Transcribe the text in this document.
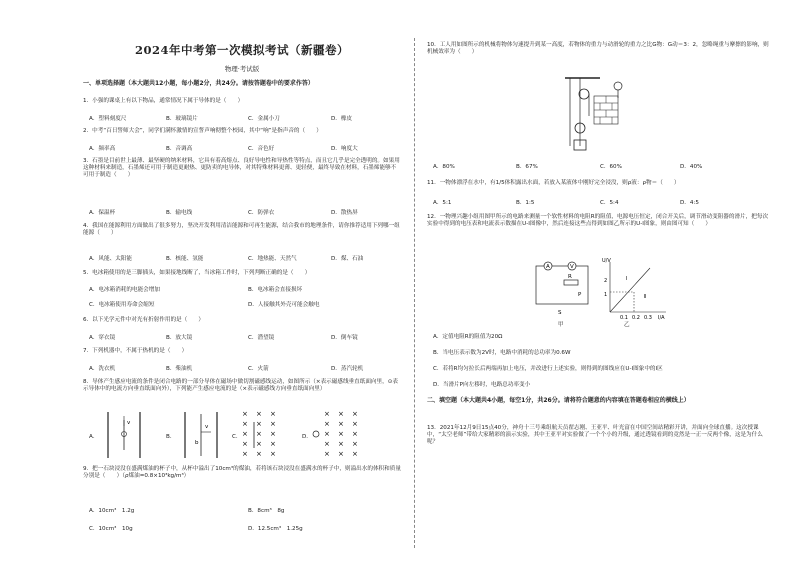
2024年中考第一次模拟考试（新疆卷）
物理·考试版
一、单项选择题（本大题共12小题，每小题2分，共24分。请按答题卷中的要求作答）
1．小强的课桌上有以下物品，通常情况下属于导体的是（　　）
A．塑料刻度尺	B．玻璃镜片	C．金属小刀	D．橡皮
2．中考“百日誓师大会”，同学们满怀激情的宣誓声响彻整个校园，其中“响”是指声音的（　　）
A．频率高	B．音调高	C．音色好	D．响度大
3．石墨是目前世上最薄、最坚硬的纳米材料，它具有着高熔点、良好导电性和导热性等特点，而且它几乎是完全透明的。如果用这种材料来制造，石墨烯还可用于制造更耐热、更防卖的电导体，对其特殊材料更薄、更轻便，最终导致在材料，石墨烯能够不可用于制造（　　）
A．保温杯	B．输电线	C．防弹衣	D．散热屏
4．我国在能源利用方面做出了很多努力，坚决开发利用清洁能源和可再生能源，结合我市的地理条件，请你推荐适用下列哪一组能源（　　）
A．风能、太阳能	B．核能、氢能	C．地热能、天然气	D．煤、石油
5．电冰箱使用的是三脚插头，如果接地线断了，当冰箱工作时，下列判断正确的是（　　）
A．电冰箱消耗的电能会增加	B．电冰箱会直接损坏
C．电冰箱使用寿命会缩短	D．人接触其外壳可能会触电
6．以下光学元件中对光有折射作用的是（　　）
A．穿衣镜	B．放大镜	C．潜望镜	D．倒车镜
7．下列机器中，不属于热机的是（　　）
A．洗衣机	B．柴油机	C．火箭	D．蒸汽轮机
8．导体产生感应电流的条件是闭合电路的一部分导体在磁场中做切割磁感线运动，如图所示（×表示磁感线垂直纸面向里，⊙表示导体中的电流方向垂直纸面向外），下列能产生感应电流的是（×表示磁感线方向垂直纸面向里）
A．
v
B．
v
b
C．
× × ×
× × ×
× × ×
× × ×
× × ×
D．
× × ×
× × ×
× × ×
× × ×
× × ×
9．把一石块浸没在盛满煤油的杯子中，从杯中溢出了10cm³的煤油，若将该石块浸没在盛满水的杯子中，则溢出水的体积和质量分别是（　　）（ρ煤油=0.8×10³kg/m³）
A．10cm³　1.2g	B．8cm³　8g
C．10cm³　10g	D．12.5cm³　1.25g
10．工人用如图所示的机械将物体匀速提升到某一高度，若物体的重力与动滑轮的重力之比G物：G动＝3：2，忽略绳重与摩擦的影响，则机械效率为（　　）
A．80%	B．67%	C．60%	D．40%
11．一物体漂浮在水中，有1/5体积露出水面，若放入某液体中刚好完全浸没，则ρ液：ρ物＝（　　）
A．5:1	B．1:5	C．5:4	D．4:5
12．一物理兴趣小组用图甲所示的电路来测量一个软性材料的电阻R的阻值，电源电压恒定，闭合开关后，调节滑动变阻器的滑片，把每次实验中得到的电压表和电流表示数描在U-I图像中，然后连接这些点得到如图乙所示的U-I图象，则由图可知（　　）
A	V
R
S
P
甲
U/V
I/A
2
1
0.1 0.2 0.3
Ⅰ
Ⅱ
乙
A．定值电阻R的阻值为20Ω
B．当电压表示数为2V时，电路中消耗的总功率为0.6W
C．若将R均匀拉长后两端再加上电压，并改进行上述实验，则得到的图线应在U-I图象中的Ⅰ区
D．当滑片P向左移时，电路总功率变小
二、填空题（本大题共4小题，每空1分，共26分。请将符合题意的内容填在答题卷相应的横线上）
13．2021年12月9日15点40分，神舟十三号乘组航天员翟志刚、王亚平、叶光富在中国空间站精彩开讲，并面向全球直播。这次授课中，“太空老师”带给大家精彩的演示实验，其中王亚平对实验做了一个个小的升级，通过透镜看到的竟然是一正一反两个像，这是为什么呢？
